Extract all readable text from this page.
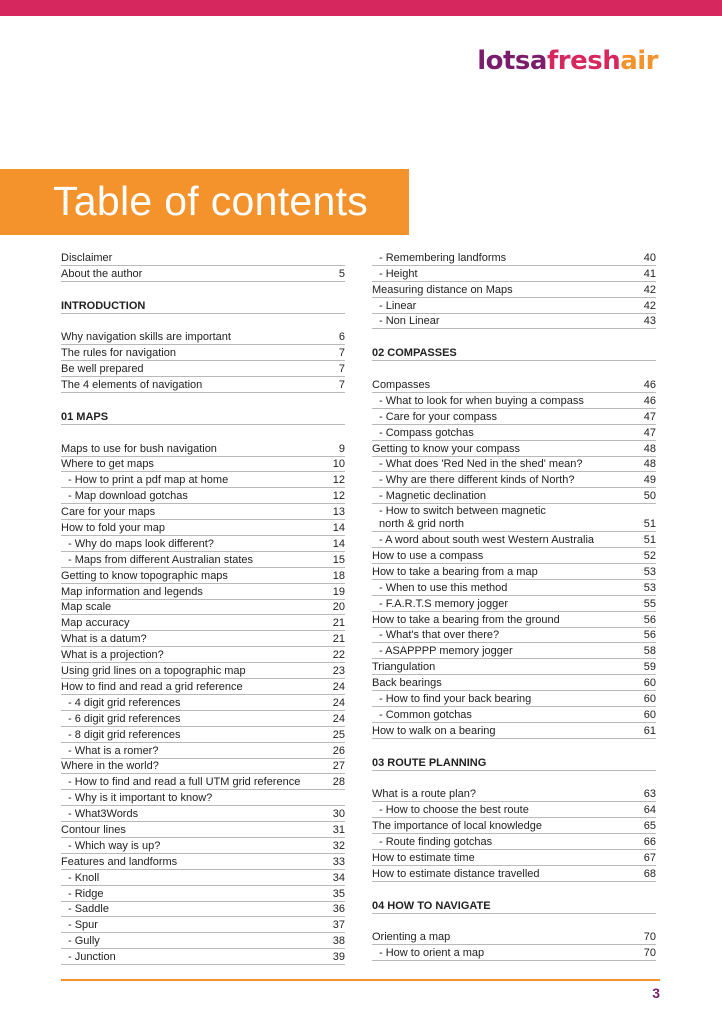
lotsafreshair
Table of contents
Disclaimer
About the author	5
INTRODUCTION
Why navigation skills are important	6
The rules for navigation	7
Be well prepared	7
The 4 elements of navigation	7
01 MAPS
Maps to use for bush navigation	9
Where to get maps	10
- How to print a pdf map at home	12
- Map download gotchas	12
Care for your maps	13
How to fold your map	14
- Why do maps look different?	14
- Maps from different Australian states	15
Getting to know topographic maps	18
Map information and legends	19
Map scale	20
Map accuracy	21
What is a datum?	21
What is a projection?	22
Using grid lines on a topographic map	23
How to find and read a grid reference	24
- 4 digit grid references	24
- 6 digit grid references	24
- 8 digit grid references	25
- What is a romer?	26
Where in the world?	27
- How to find and read a full UTM grid reference	28
- Why is it important to know?
- What3Words	30
Contour lines	31
- Which way is up?	32
Features and landforms	33
- Knoll	34
- Ridge	35
- Saddle	36
- Spur	37
- Gully	38
- Junction	39
- Remembering landforms	40
- Height	41
Measuring distance on Maps	42
- Linear	42
- Non Linear	43
02 COMPASSES
Compasses	46
- What to look for when buying a compass	46
- Care for your compass	47
- Compass gotchas	47
Getting to know your compass	48
- What does 'Red Ned in the shed' mean?	48
- Why are there different kinds of North?	49
- Magnetic declination	50
- How to switch between magnetic
north & grid north	51
- A word about south west Western Australia	51
How to use a compass	52
How to take a bearing from a map	53
- When to use this method	53
- F.A.R.T.S memory jogger	55
How to take a bearing from the ground	56
- What's that over there?	56
- ASAPPPP memory jogger	58
Triangulation	59
Back bearings	60
- How to find your back bearing	60
- Common gotchas	60
How to walk on a bearing	61
03 ROUTE PLANNING
What is a route plan?	63
- How to choose the best route	64
The importance of local knowledge	65
- Route finding gotchas	66
How to estimate time	67
How to estimate distance travelled	68
04 HOW TO NAVIGATE
Orienting a map	70
- How to orient a map	70
3
